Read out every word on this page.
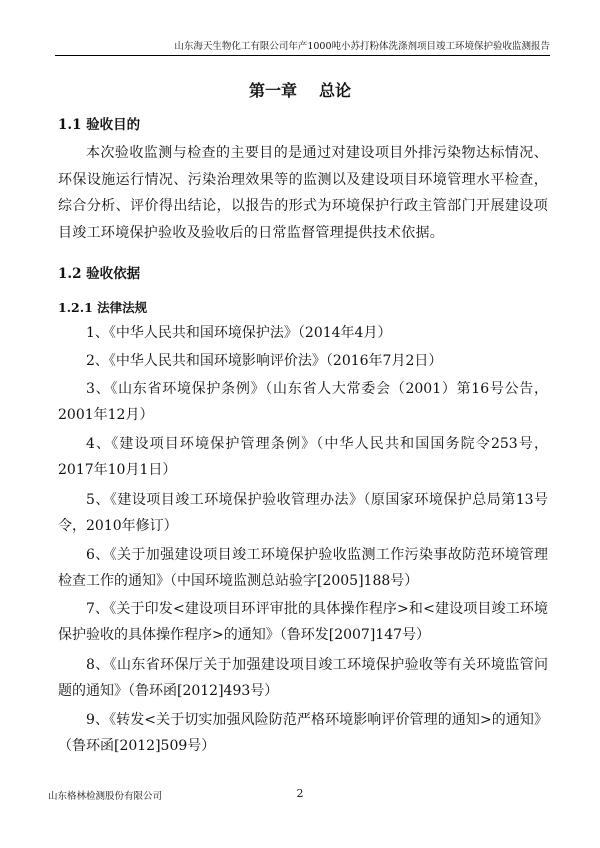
山东海天生物化工有限公司年产1000吨小苏打粉体洗涤剂项目竣工环境保护验收监测报告
第一章 总论
1.1 验收目的

本次验收监测与检查的主要目的是通过对建设项目外排污染物达标情况、环保设施运行情况、污染治理效果等的监测以及建设项目环境管理水平检查，综合分析、评价得出结论，以报告的形式为环境保护行政主管部门开展建设项目竣工环境保护验收及验收后的日常监督管理提供技术依据。

1.2 验收依据
1.2.1 法律法规

1、《中华人民共和国环境保护法》（2014年4月）

2、《中华人民共和国环境影响评价法》（2016年7月2日）

3、《山东省环境保护条例》（山东省人大常委会（2001）第16号公告，2001年12月）

4、《建设项目环境保护管理条例》（中华人民共和国国务院令253号，2017年10月1日）

5、《建设项目竣工环境保护验收管理办法》（原国家环境保护总局第13号令，2010年修订）

6、《关于加强建设项目竣工环境保护验收监测工作污染事故防范环境管理检查工作的通知》（中国环境监测总站验字[2005]188号）

7、《关于印发<建设项目环评审批的具体操作程序>和<建设项目竣工环境保护验收的具体操作程序>的通知》（鲁环发[2007]147号）

8、《山东省环保厅关于加强建设项目竣工环境保护验收等有关环境监管问题的通知》（鲁环函[2012]493号）

9、《转发<关于切实加强风险防范严格环境影响评价管理的通知>的通知》（鲁环函[2012]509号）

山东格林检测股份有限公司	2
